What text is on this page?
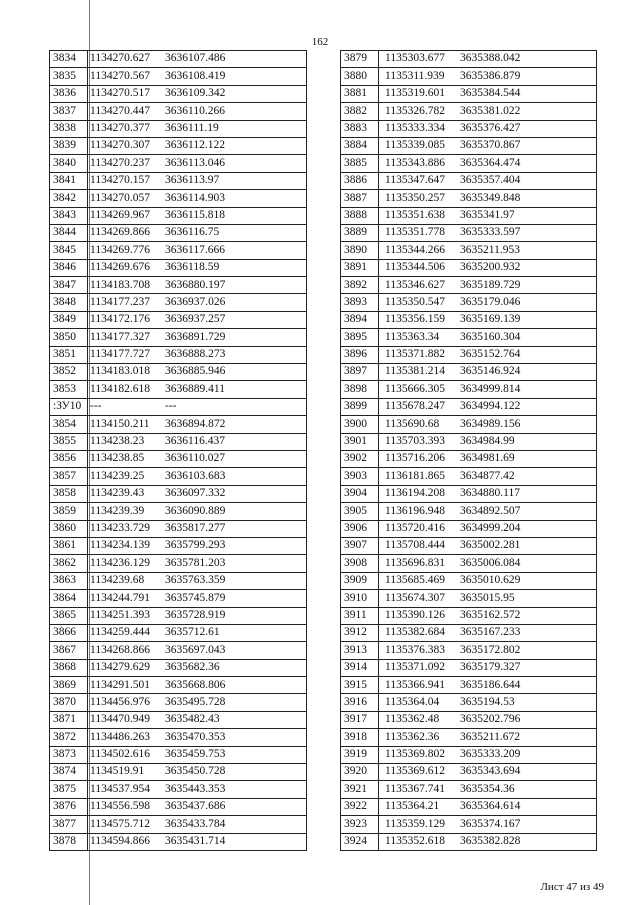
162
3834	1134270.627 3636107.486
3835	1134270.567 3636108.419
3836	1134270.517 3636109.342
3837	1134270.447 3636110.266
3838	1134270.377 3636111.19
3839	1134270.307 3636112.122
3840	1134270.237 3636113.046
3841	1134270.157 3636113.97
3842	1134270.057 3636114.903
3843	1134269.967 3636115.818
3844	1134269.866 3636116.75
3845	1134269.776 3636117.666
3846	1134269.676 3636118.59
3847	1134183.708 3636880.197
3848	1134177.237 3636937.026
3849	1134172.176 3636937.257
3850	1134177.327 3636891.729
3851	1134177.727 3636888.273
3852	1134183.018 3636885.946
3853	1134182.618 3636889.411
:ЗУ10	--- ---
3854	1134150.211 3636894.872
3855	1134238.23 3636116.437
3856	1134238.85 3636110.027
3857	1134239.25 3636103.683
3858	1134239.43 3636097.332
3859	1134239.39 3636090.889
3860	1134233.729 3635817.277
3861	1134234.139 3635799.293
3862	1134236.129 3635781.203
3863	1134239.68 3635763.359
3864	1134244.791 3635745.879
3865	1134251.393 3635728.919
3866	1134259.444 3635712.61
3867	1134268.866 3635697.043
3868	1134279.629 3635682.36
3869	1134291.501 3635668.806
3870	1134456.976 3635495.728
3871	1134470.949 3635482.43
3872	1134486.263 3635470.353
3873	1134502.616 3635459.753
3874	1134519.91 3635450.728
3875	1134537.954 3635443.353
3876	1134556.598 3635437.686
3877	1134575.712 3635433.784
3878	1134594.866 3635431.714
3879	1135303.677 3635388.042
3880	1135311.939 3635386.879
3881	1135319.601 3635384.544
3882	1135326.782 3635381.022
3883	1135333.334 3635376.427
3884	1135339.085 3635370.867
3885	1135343.886 3635364.474
3886	1135347.647 3635357.404
3887	1135350.257 3635349.848
3888	1135351.638 3635341.97
3889	1135351.778 3635333.597
3890	1135344.266 3635211.953
3891	1135344.506 3635200.932
3892	1135346.627 3635189.729
3893	1135350.547 3635179.046
3894	1135356.159 3635169.139
3895	1135363.34 3635160.304
3896	1135371.882 3635152.764
3897	1135381.214 3635146.924
3898	1135666.305 3634999.814
3899	1135678.247 3634994.122
3900	1135690.68 3634989.156
3901	1135703.393 3634984.99
3902	1135716.206 3634981.69
3903	1136181.865 3634877.42
3904	1136194.208 3634880.117
3905	1136196.948 3634892.507
3906	1135720.416 3634999.204
3907	1135708.444 3635002.281
3908	1135696.831 3635006.084
3909	1135685.469 3635010.629
3910	1135674.307 3635015.95
3911	1135390.126 3635162.572
3912	1135382.684 3635167.233
3913	1135376.383 3635172.802
3914	1135371.092 3635179.327
3915	1135366.941 3635186.644
3916	1135364.04 3635194.53
3917	1135362.48 3635202.796
3918	1135362.36 3635211.672
3919	1135369.802 3635333.209
3920	1135369.612 3635343.694
3921	1135367.741 3635354.36
3922	1135364.21 3635364.614
3923	1135359.129 3635374.167
3924	1135352.618 3635382.828
Лист 47 из 49
